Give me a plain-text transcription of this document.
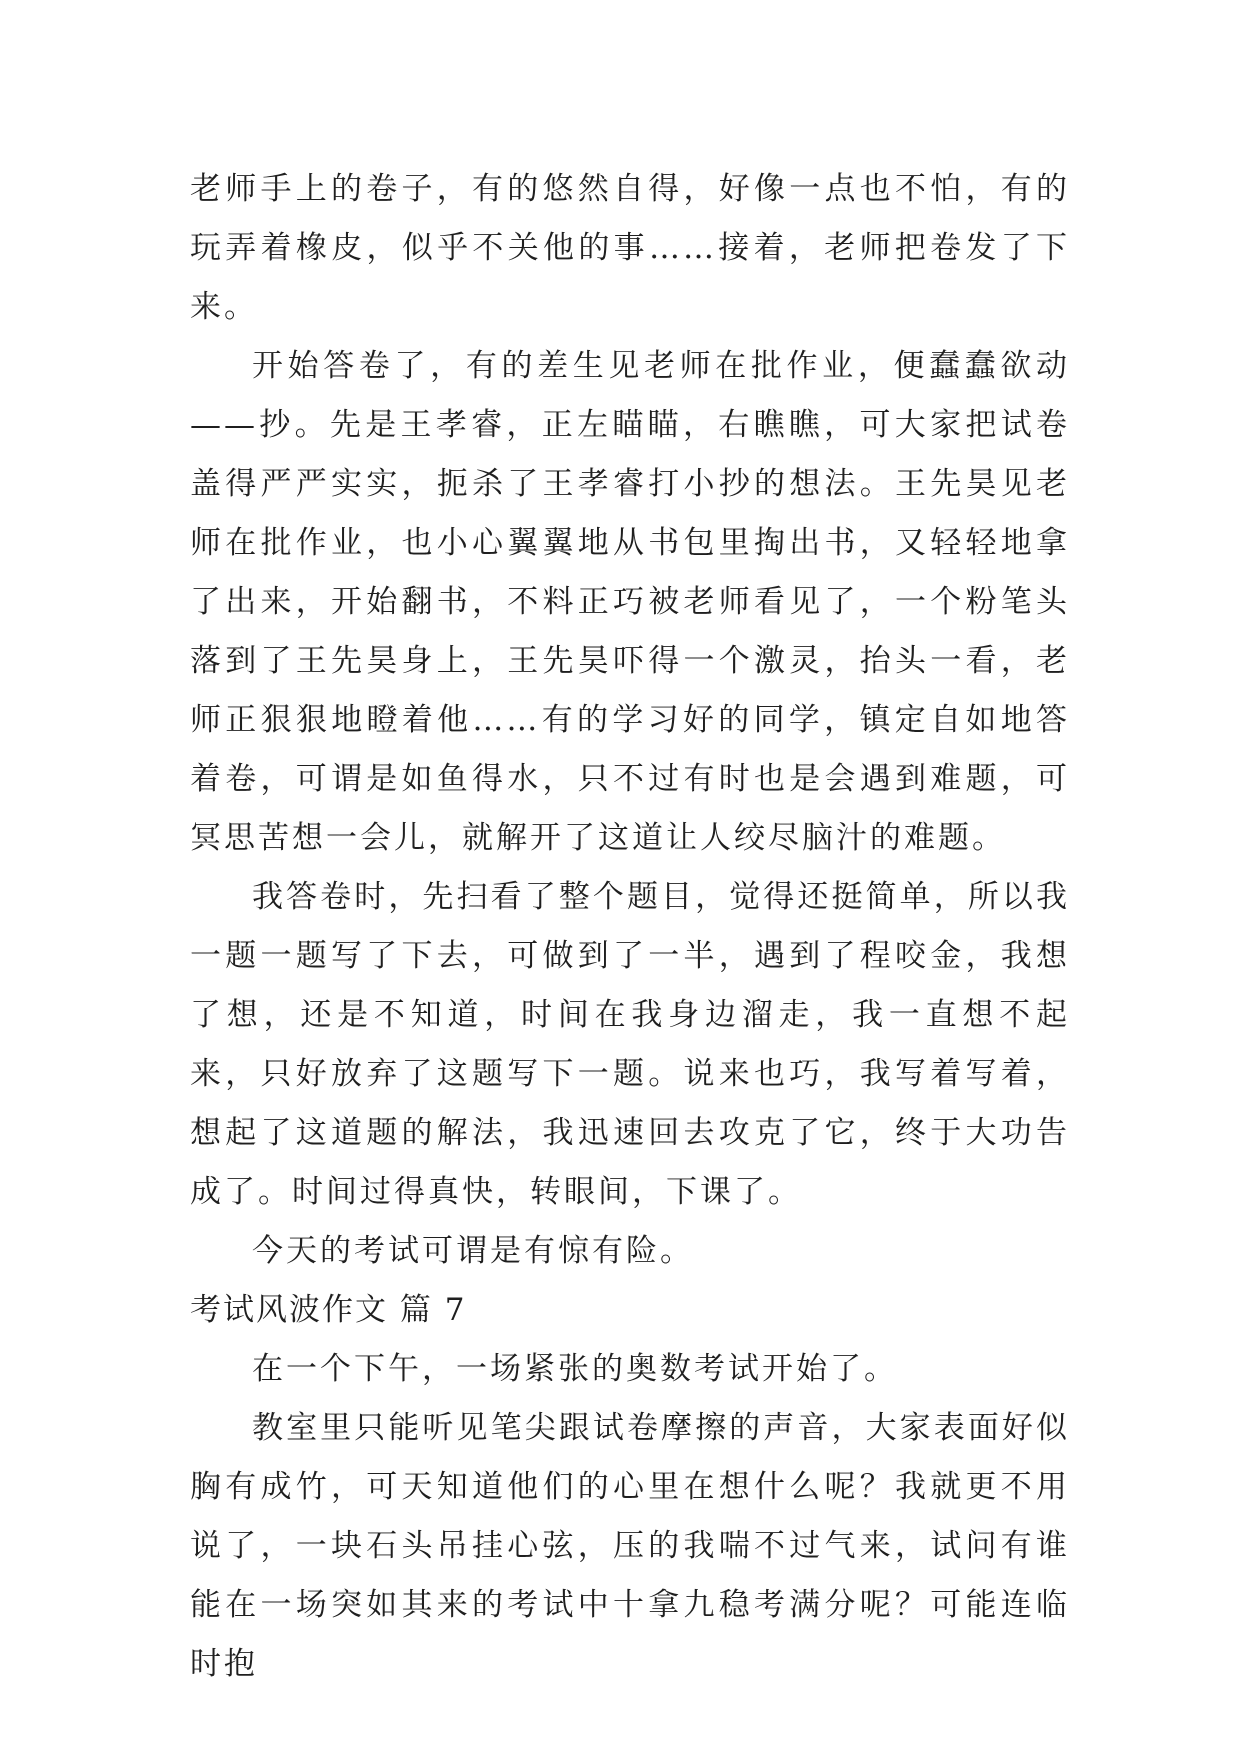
老师手上的卷子，有的悠然自得，好像一点也不怕，有的玩弄着橡皮，似乎不关他的事……接着，老师把卷发了下来。

开始答卷了，有的差生见老师在批作业，便蠢蠢欲动——抄。先是王孝睿，正左瞄瞄，右瞧瞧，可大家把试卷盖得严严实实，扼杀了王孝睿打小抄的想法。王先昊见老师在批作业，也小心翼翼地从书包里掏出书，又轻轻地拿了出来，开始翻书，不料正巧被老师看见了，一个粉笔头落到了王先昊身上，王先昊吓得一个激灵，抬头一看，老师正狠狠地瞪着他……有的学习好的同学，镇定自如地答着卷，可谓是如鱼得水，只不过有时也是会遇到难题，可冥思苦想一会儿，就解开了这道让人绞尽脑汁的难题。

我答卷时，先扫看了整个题目，觉得还挺简单，所以我一题一题写了下去，可做到了一半，遇到了程咬金，我想了想，还是不知道，时间在我身边溜走，我一直想不起来，只好放弃了这题写下一题。说来也巧，我写着写着，想起了这道题的解法，我迅速回去攻克了它，终于大功告成了。时间过得真快，转眼间，下课了。

今天的考试可谓是有惊有险。

考试风波作文 篇 7

在一个下午，一场紧张的奥数考试开始了。

教室里只能听见笔尖跟试卷摩擦的声音，大家表面好似胸有成竹，可天知道他们的心里在想什么呢？我就更不用说了，一块石头吊挂心弦，压的我喘不过气来，试问有谁能在一场突如其来的考试中十拿九稳考满分呢？可能连临时抱
